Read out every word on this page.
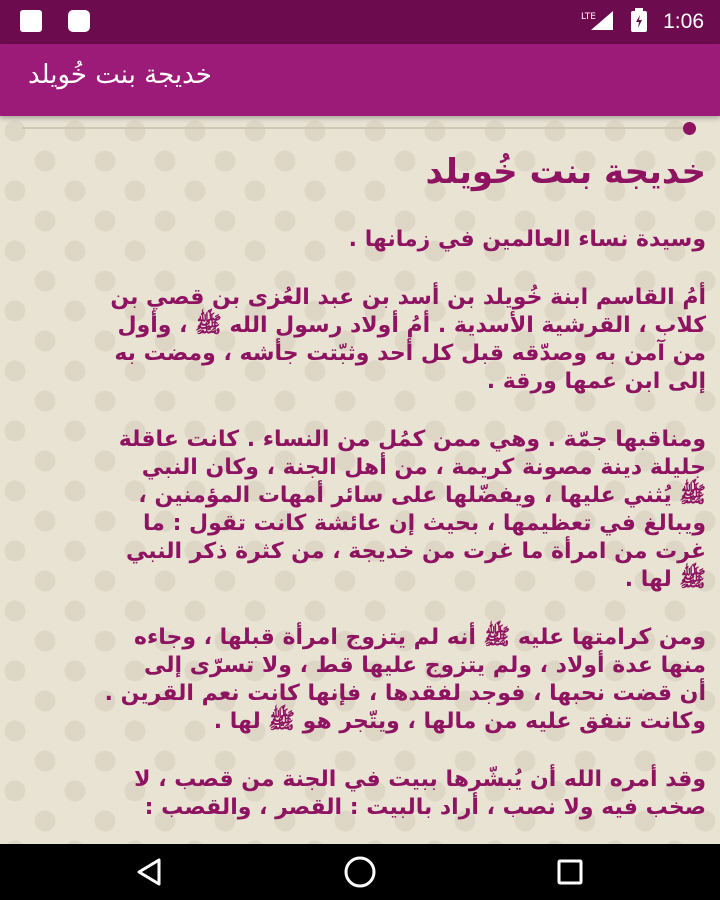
LTE	1:06
خديجة بنت خُويلد
خديجة بنت خُويلد

وسيدة نساء العالمين في زمانها .

أمُ القاسم ابنة خُويلد بن أسد بن عبد العُزى بن قصي بن
كلاب ، القرشية الأسدية . أمُ أولاد رسول الله ﷺ ، وأول
من آمن به وصدّقه قبل كل أحد وثبّتت جأشه ، ومضت به
إلى ابن عمها ورقة .

ومناقبها جمّة . وهي ممن كمُل من النساء . كانت عاقلة
جليلة دينة مصونة كريمة ، من أهل الجنة ، وكان النبي
ﷺ يُثني عليها ، ويفضّلها على سائر أمهات المؤمنين ،
ويبالغ في تعظيمها ، بحيث إن عائشة كانت تقول : ما
غرت من امرأة ما غرت من خديجة ، من كثرة ذكر النبي
ﷺ لها .

ومن كرامتها عليه ﷺ أنه لم يتزوج امرأة قبلها ، وجاءه
منها عدة أولاد ، ولم يتزوج عليها قط ، ولا تسرّى إلى
أن قضت نحبها ، فوجد لفقدها ، فإنها كانت نعم القرين .
وكانت تنفق عليه من مالها ، ويتّجر هو ﷺ لها .

وقد أمره الله أن يُبشّرها ببيت في الجنة من قصب ، لا
صخب فيه ولا نصب ، أراد بالبيت : القصر ، والقصب :
